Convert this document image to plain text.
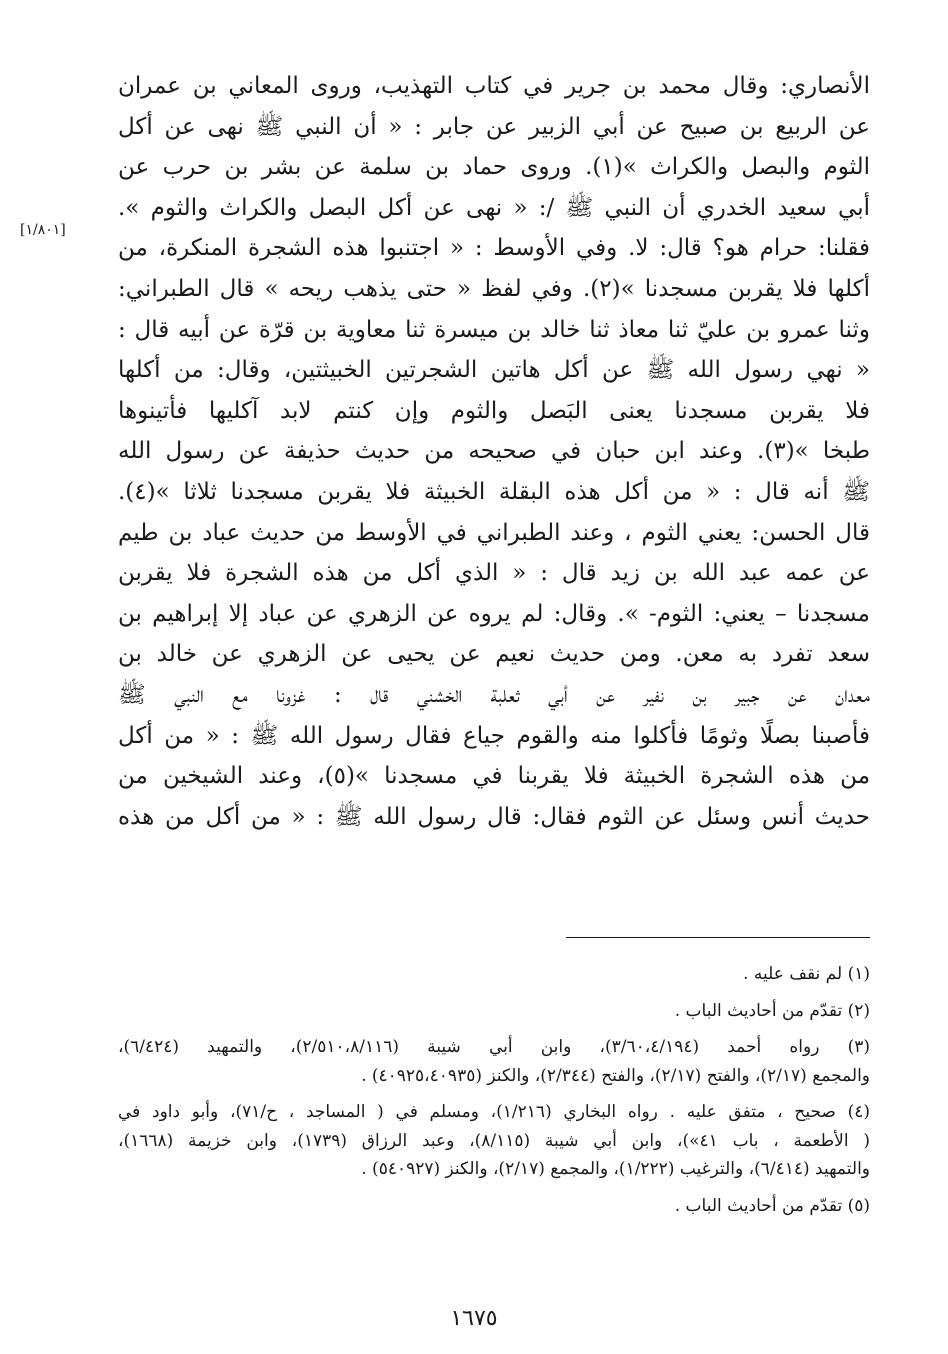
الأنصاري: وقال محمد بن جرير في كتاب التهذيب، وروى المعاني بن عمران
عن الربيع بن صبيح عن أبي الزبير عن جابر : « أن النبي ﷺ نهى عن أكل
الثوم والبصل والكراث »(١). وروى حماد بن سلمة عن بشر بن حرب عن
أبي سعيد الخدري أن النبي ﷺ /: « نهى عن أكل البصل والكراث والثوم ».
فقلنا: حرام هو؟ قال: لا. وفي الأوسط : « اجتنبوا هذه الشجرة المنكرة، من
أكلها فلا يقربن مسجدنا »(٢). وفي لفظ « حتى يذهب ريحه » قال الطبراني:
وثنا عمرو بن عليّ ثنا معاذ ثنا خالد بن ميسرة ثنا معاوية بن قرّة عن أبيه قال :
« نهي رسول الله ﷺ عن أكل هاتين الشجرتين الخبيثتين، وقال: من أكلها
فلا يقربن مسجدنا يعنى البَصل والثوم وإن كنتم لابد آكليها فأتينوها
طبخا »(٣). وعند ابن حبان في صحيحه من حديث حذيفة عن رسول الله
ﷺ أنه قال : « من أكل هذه البقلة الخبيثة فلا يقربن مسجدنا ثلاثا »(٤).
قال الحسن: يعني الثوم ، وعند الطبراني في الأوسط من حديث عباد بن طيم
عن عمه عبد الله بن زيد قال : « الذي أكل من هذه الشجرة فلا يقربن
مسجدنا – يعني: الثوم- ». وقال: لم يروه عن الزهري عن عباد إلا إبراهيم بن
سعد تفرد به معن. ومن حديث نعيم عن يحيى عن الزهري عن خالد بن
معدان عن جبير بن نفير عن أبي ثعلبة الخشني قال : غزونا مع النبي ﷺ
فأصبنا بصلًا وثومًا فأكلوا منه والقوم جياع فقال رسول الله ﷺ : « من أكل
من هذه الشجرة الخبيثة فلا يقربنا في مسجدنا »(٥)، وعند الشيخين من
حديث أنس وسئل عن الثوم فقال: قال رسول الله ﷺ : « من أكل من هذه
[١/٨٠١]
(١) لم نقف عليه .
(٢) تقدّم من أحاديث الباب .
(٣) رواه أحمد (٣/٦٠،٤/١٩٤)، وابن أبي شيبة (٢/٥١٠،٨/١١٦)، والتمهيد (٦/٤٢٤)،
والمجمع (٢/١٧)، والفتح (٢/١٧)، والفتح (٢/٣٤٤)، والكنز (٤٠٩٢٥،٤٠٩٣٥) .
(٤) صحيح ، متفق عليه . رواه البخاري (١/٢١٦)، ومسلم في ( المساجد ، ح/٧١)، وأبو داود في
( الأطعمة ، باب ٤١»)، وابن أبي شيبة (٨/١١٥)، وعبد الرزاق (١٧٣٩)، وابن خزيمة (١٦٦٨)،
والتمهيد (٦/٤١٤)، والترغيب (١/٢٢٢)، والمجمع (٢/١٧)، والكنز (٥٤٠٩٢٧) .
(٥) تقدّم من أحاديث الباب .
١٦٧٥
